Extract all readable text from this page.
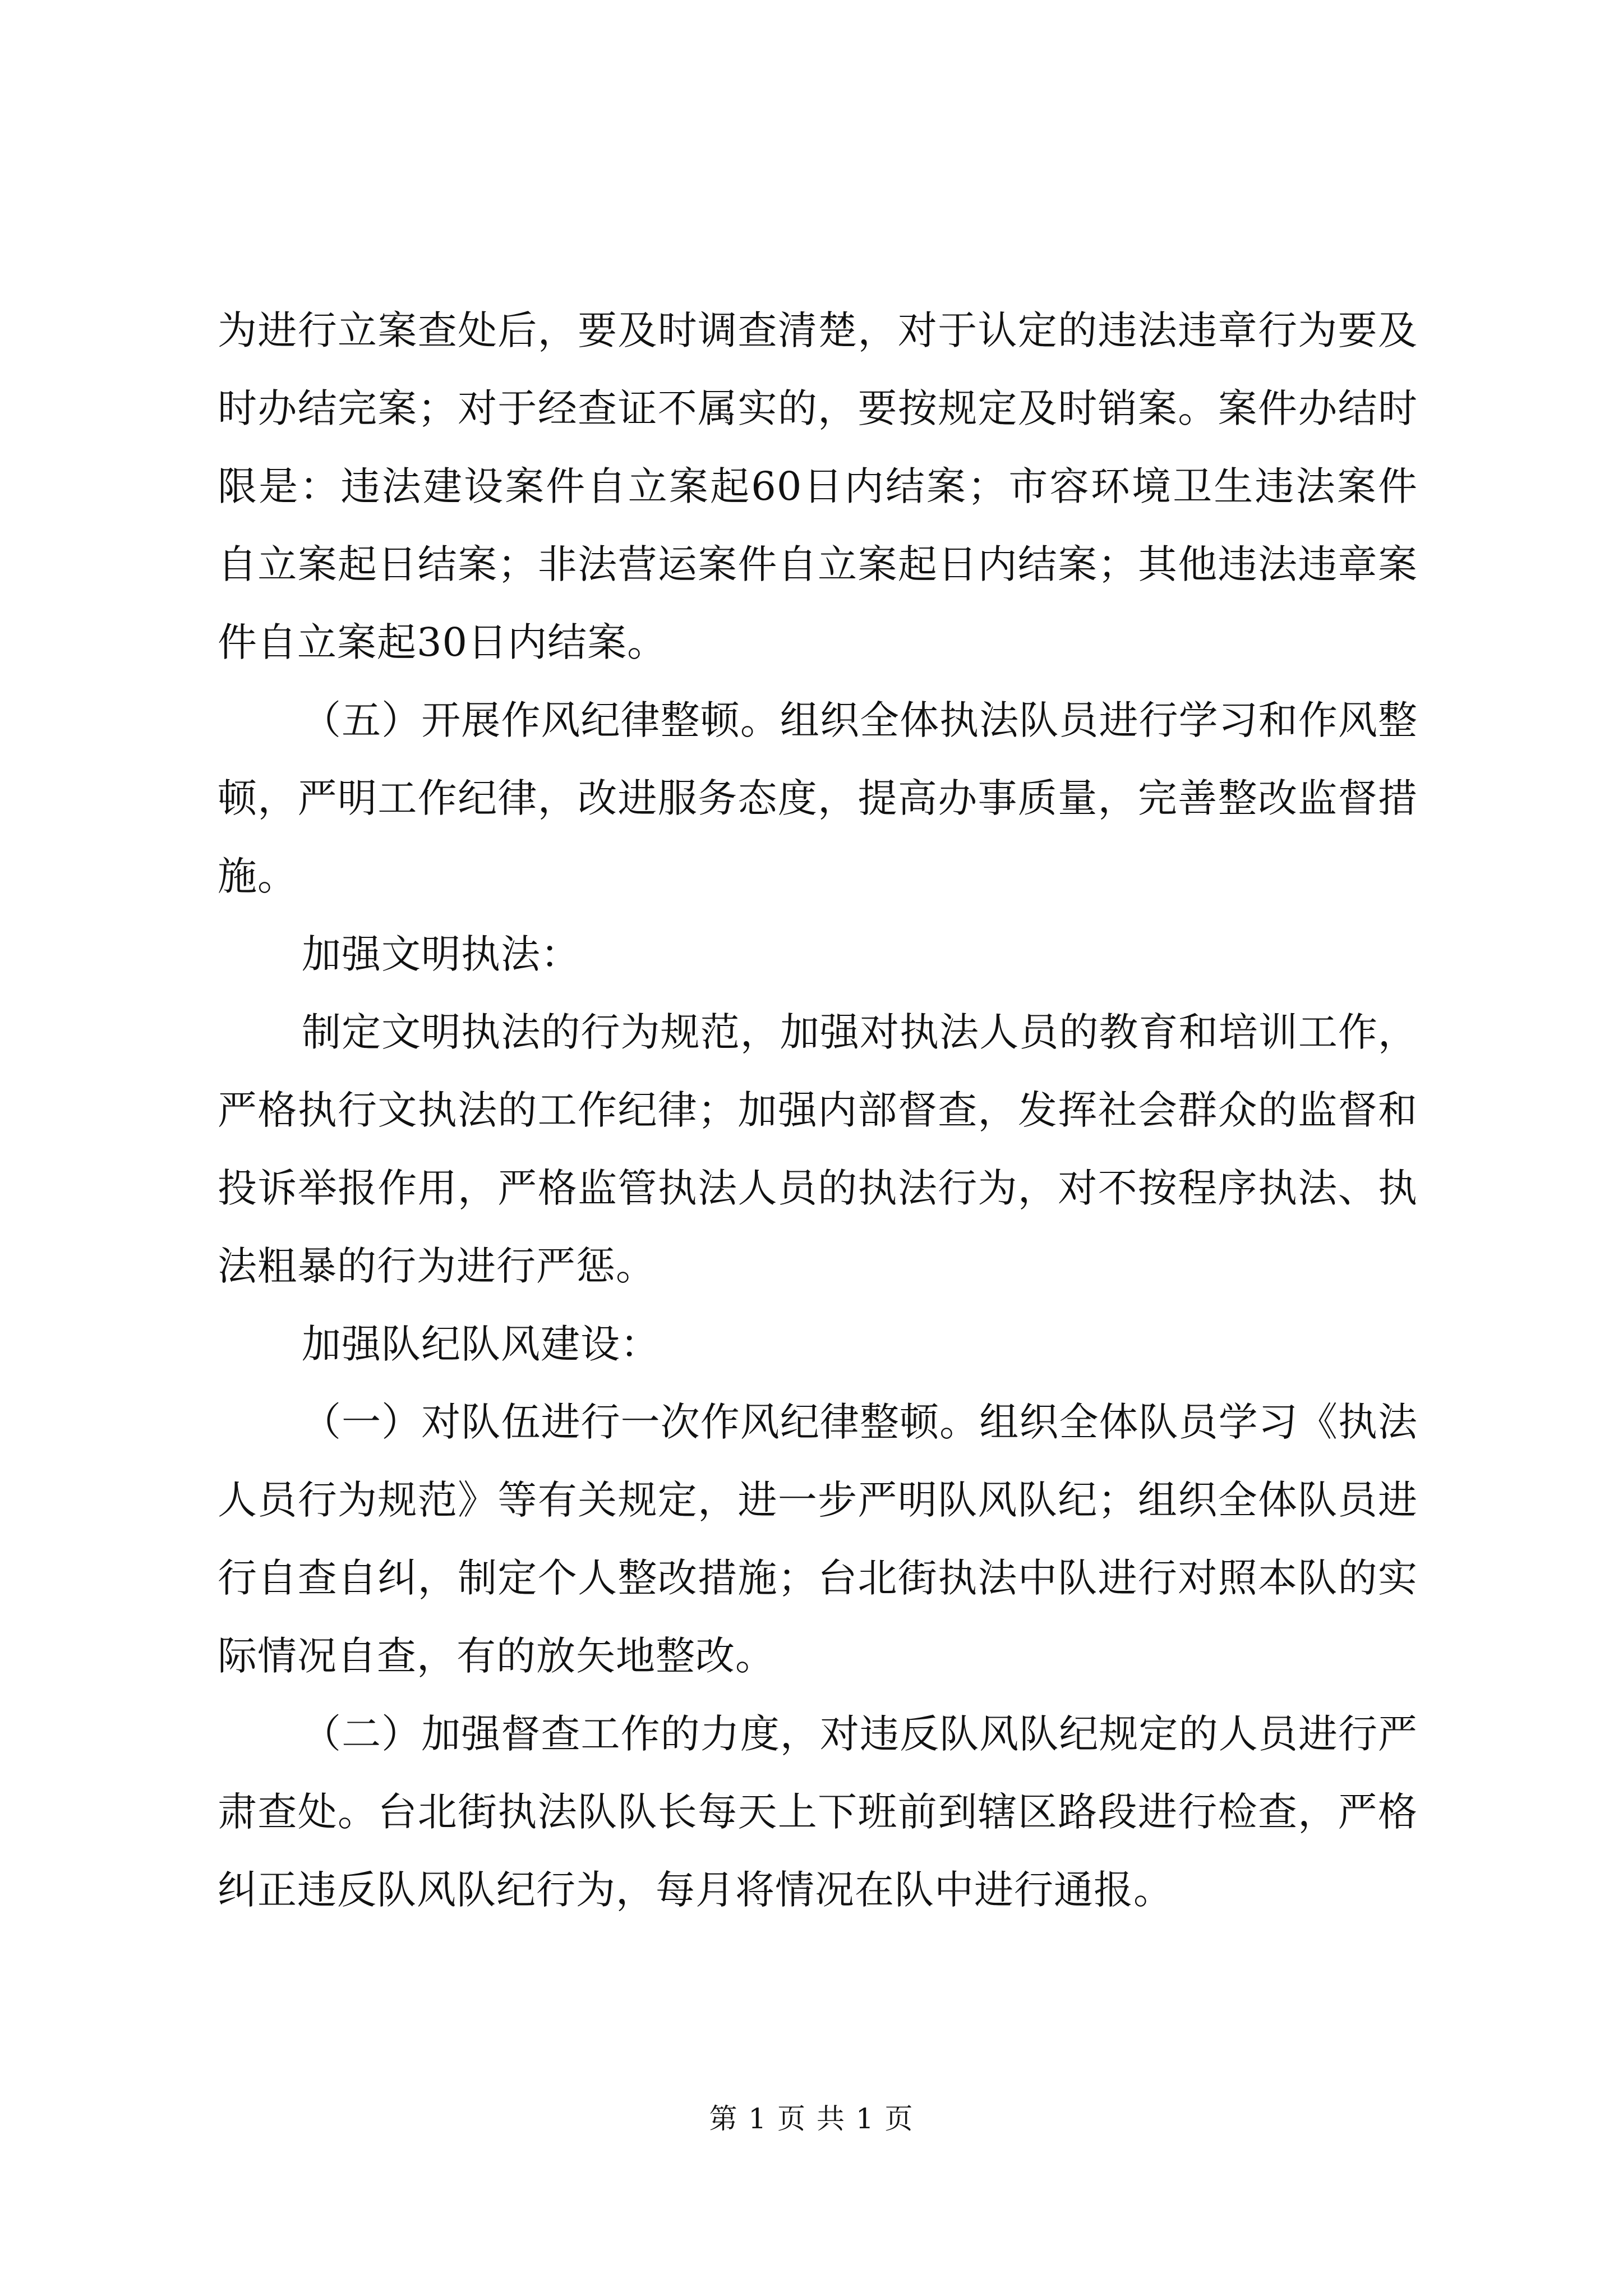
为进行立案查处后，要及时调查清楚，对于认定的违法违章行为要及时办结完案；对于经查证不属实的，要按规定及时销案。案件办结时限是：违法建设案件自立案起60日内结案；市容环境卫生违法案件自立案起日结案；非法营运案件自立案起日内结案；其他违法违章案件自立案起30日内结案。

（五）开展作风纪律整顿。组织全体执法队员进行学习和作风整顿，严明工作纪律，改进服务态度，提高办事质量，完善整改监督措施。

加强文明执法：

制定文明执法的行为规范，加强对执法人员的教育和培训工作，严格执行文执法的工作纪律；加强内部督查，发挥社会群众的监督和投诉举报作用，严格监管执法人员的执法行为，对不按程序执法、执法粗暴的行为进行严惩。

加强队纪队风建设：

（一）对队伍进行一次作风纪律整顿。组织全体队员学习《执法人员行为规范》等有关规定，进一步严明队风队纪；组织全体队员进行自查自纠，制定个人整改措施；台北街执法中队进行对照本队的实际情况自查，有的放矢地整改。

（二）加强督查工作的力度，对违反队风队纪规定的人员进行严肃查处。台北街执法队队长每天上下班前到辖区路段进行检查，严格纠正违反队风队纪行为，每月将情况在队中进行通报。

第 1 页 共 1 页
